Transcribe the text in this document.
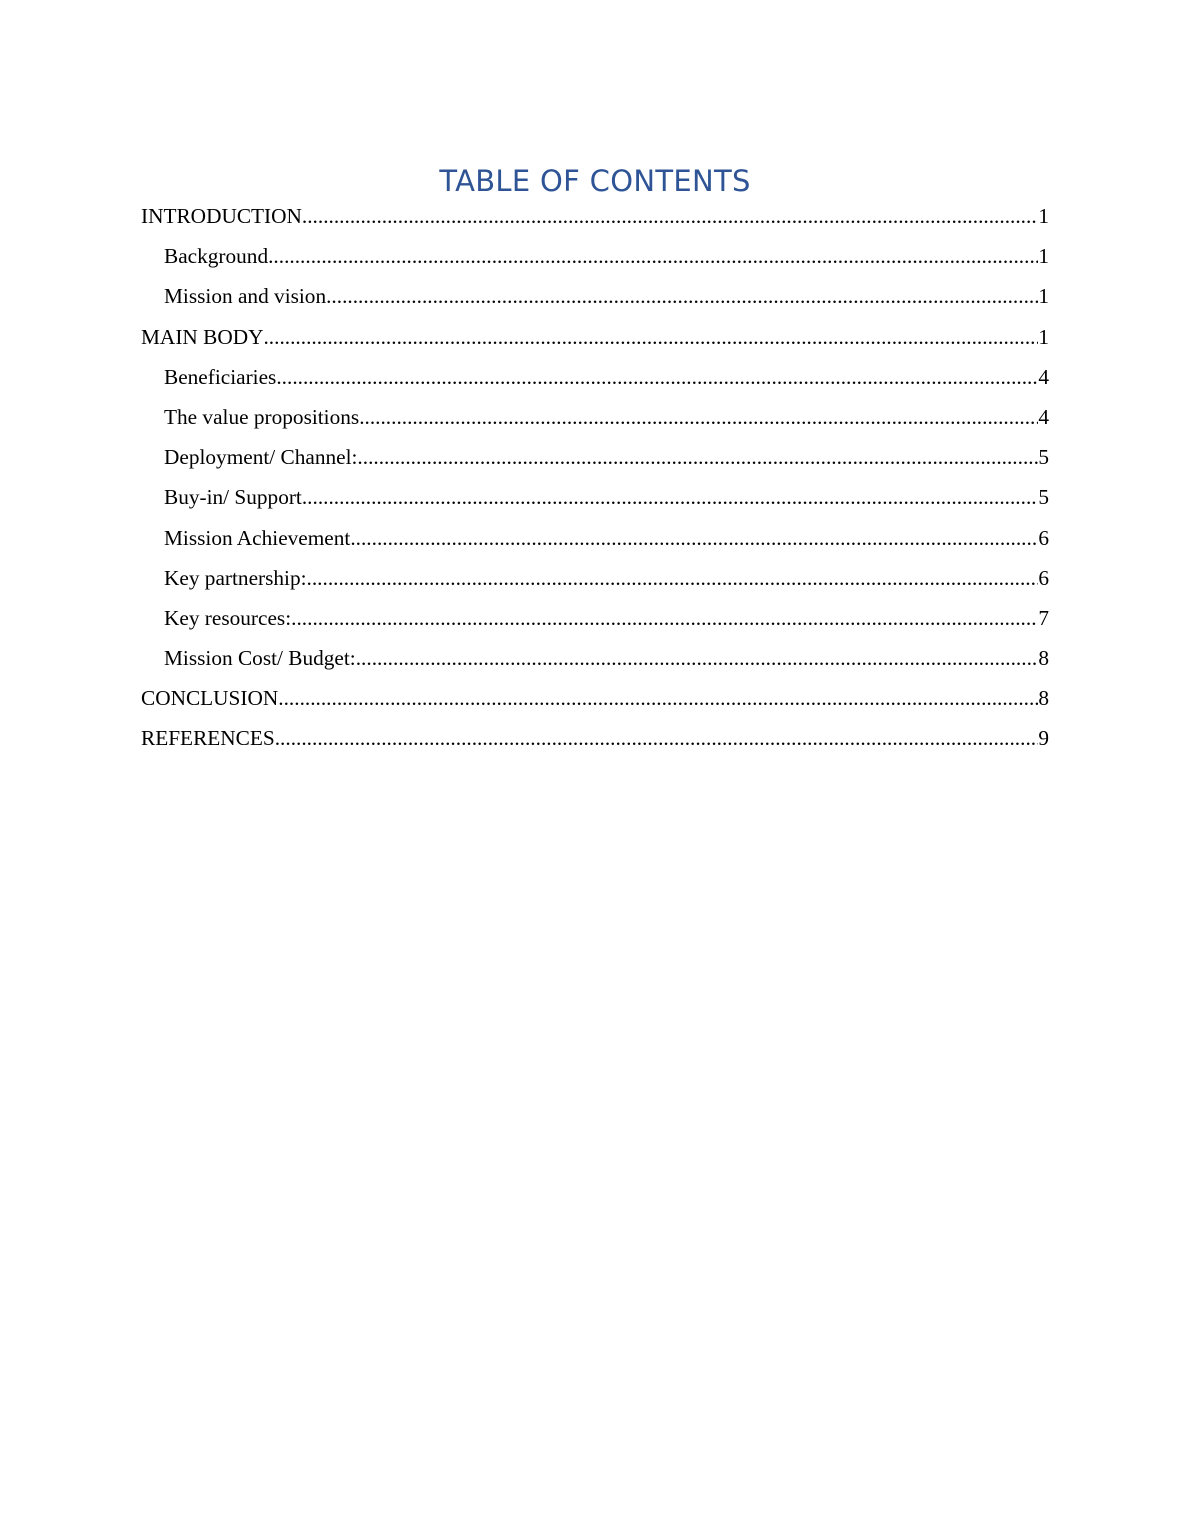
TABLE OF CONTENTS
INTRODUCTION .....	1
Background .....	1
Mission and vision .....	1
MAIN BODY .....	1
Beneficiaries .....	4
The value propositions .....	4
Deployment/ Channel: .....	5
Buy-in/ Support .....	5
Mission Achievement .....	6
Key partnership: .....	6
Key resources: .....	7
Mission Cost/ Budget: .....	8
CONCLUSION .....	8
REFERENCES .....	9
